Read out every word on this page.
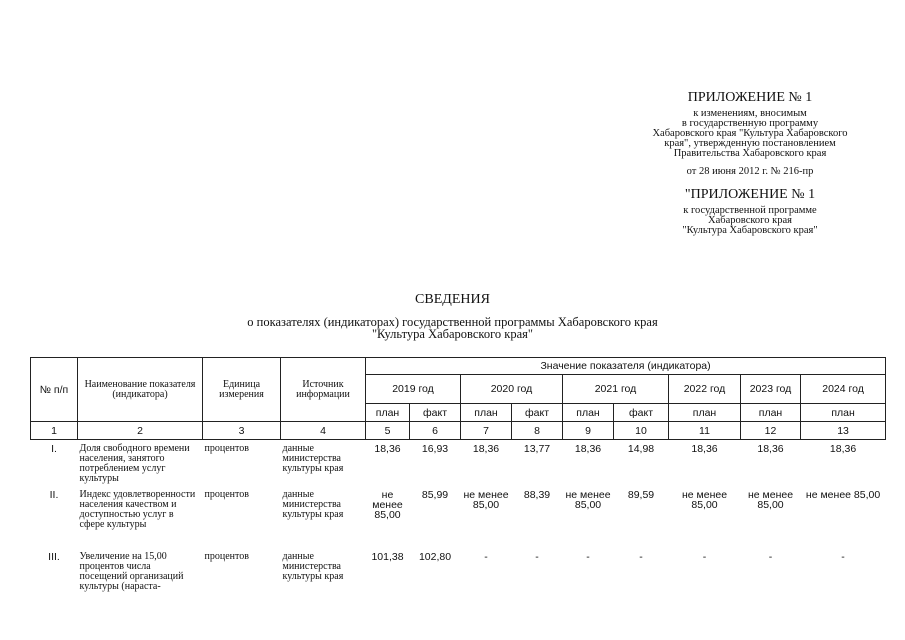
ПРИЛОЖЕНИЕ № 1
к изменениям, вносимым
в государственную программу
Хабаровского края "Культура Хабаровского
края", утвержденную постановлением
Правительства Хабаровского края
от 28 июня 2012 г. № 216-пр
"ПРИЛОЖЕНИЕ № 1
к государственной программе
Хабаровского края
"Культура Хабаровского края"
СВЕДЕНИЯ
о показателях (индикаторах) государственной программы Хабаровского края
"Культура Хабаровского края"
№ п/п	Наименование показателя (индикатора)	Единица измерения	Источник информации	Значение показателя (индикатора)								
				2019 год		2020 год		2021 год		2022 год	2023 год	2024 год
				план	факт	план	факт	план	факт	план	план	план
1	2	3	4	5	6	7	8	9	10	11	12	13
I.	Доля свободного времени населения, занятого потреблением услуг культуры	процентов	данные министерства культуры края	18,36	16,93	18,36	13,77	18,36	14,98	18,36	18,36	18,36
II.	Индекс удовлетворенности населения качеством и доступностью услуг в сфере культуры	процентов	данные министерства культуры края	не менее 85,00	85,99	не менее 85,00	88,39	не менее 85,00	89,59	не менее 85,00	не менее 85,00	не менее 85,00
III.	Увеличение на 15,00 процентов числа посещений организаций культуры (нараста-	процентов	данные министерства культуры края	101,38	102,80	-	-	-	-	-	-	-
